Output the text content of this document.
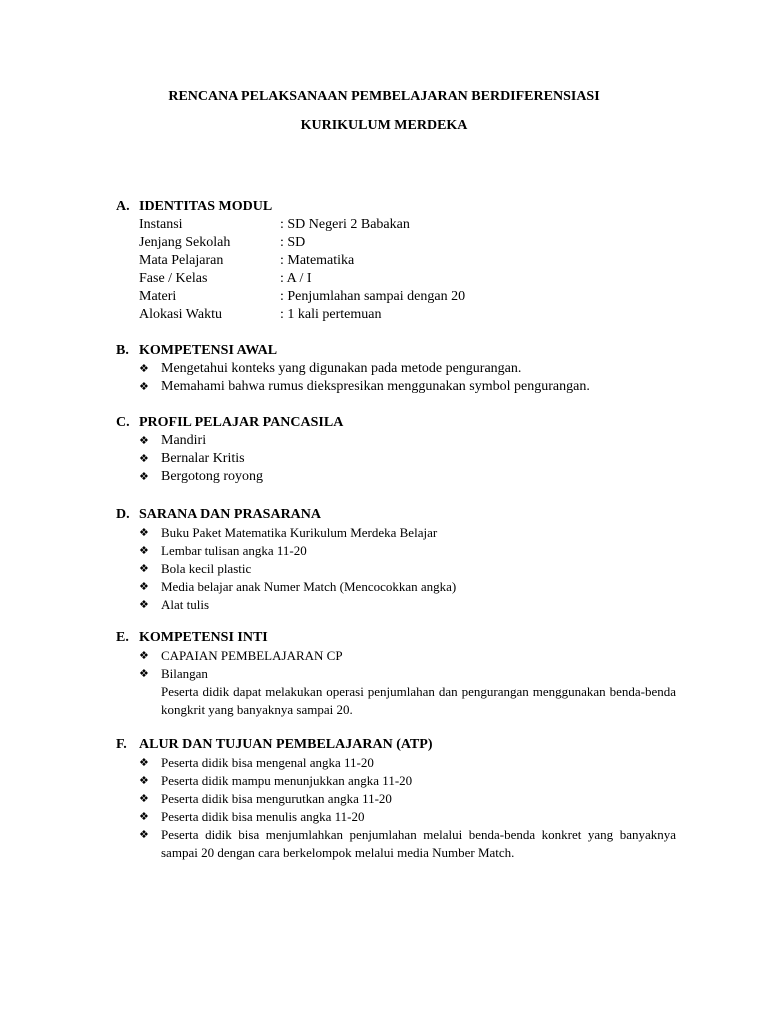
RENCANA PELAKSANAAN PEMBELAJARAN BERDIFERENSIASI
KURIKULUM MERDEKA
A. IDENTITAS MODUL
Instansi	: SD Negeri 2 Babakan
Jenjang Sekolah	: SD
Mata Pelajaran	: Matematika
Fase / Kelas	: A / I
Materi	: Penjumlahan sampai dengan 20
Alokasi Waktu	: 1 kali pertemuan
B. KOMPETENSI AWAL
❖ Mengetahui konteks yang digunakan pada metode pengurangan.
❖ Memahami bahwa rumus diekspresikan menggunakan symbol pengurangan.
C. PROFIL PELAJAR PANCASILA
❖ Mandiri
❖ Bernalar Kritis
❖ Bergotong royong
D. SARANA DAN PRASARANA
❖ Buku Paket Matematika Kurikulum Merdeka Belajar
❖ Lembar tulisan angka 11-20
❖ Bola kecil plastic
❖ Media belajar anak Numer Match (Mencocokkan angka)
❖ Alat tulis
E. KOMPETENSI INTI
❖ CAPAIAN PEMBELAJARAN CP
❖ Bilangan
Peserta didik dapat melakukan operasi penjumlahan dan pengurangan menggunakan benda-benda kongkrit yang banyaknya sampai 20.
F. ALUR DAN TUJUAN PEMBELAJARAN (ATP)
❖ Peserta didik bisa mengenal angka 11-20
❖ Peserta didik mampu menunjukkan angka 11-20
❖ Peserta didik bisa mengurutkan angka 11-20
❖ Peserta didik bisa menulis angka 11-20
❖ Peserta didik bisa menjumlahkan penjumlahan melalui benda-benda konkret yang banyaknya sampai 20 dengan cara berkelompok melalui media Number Match.
